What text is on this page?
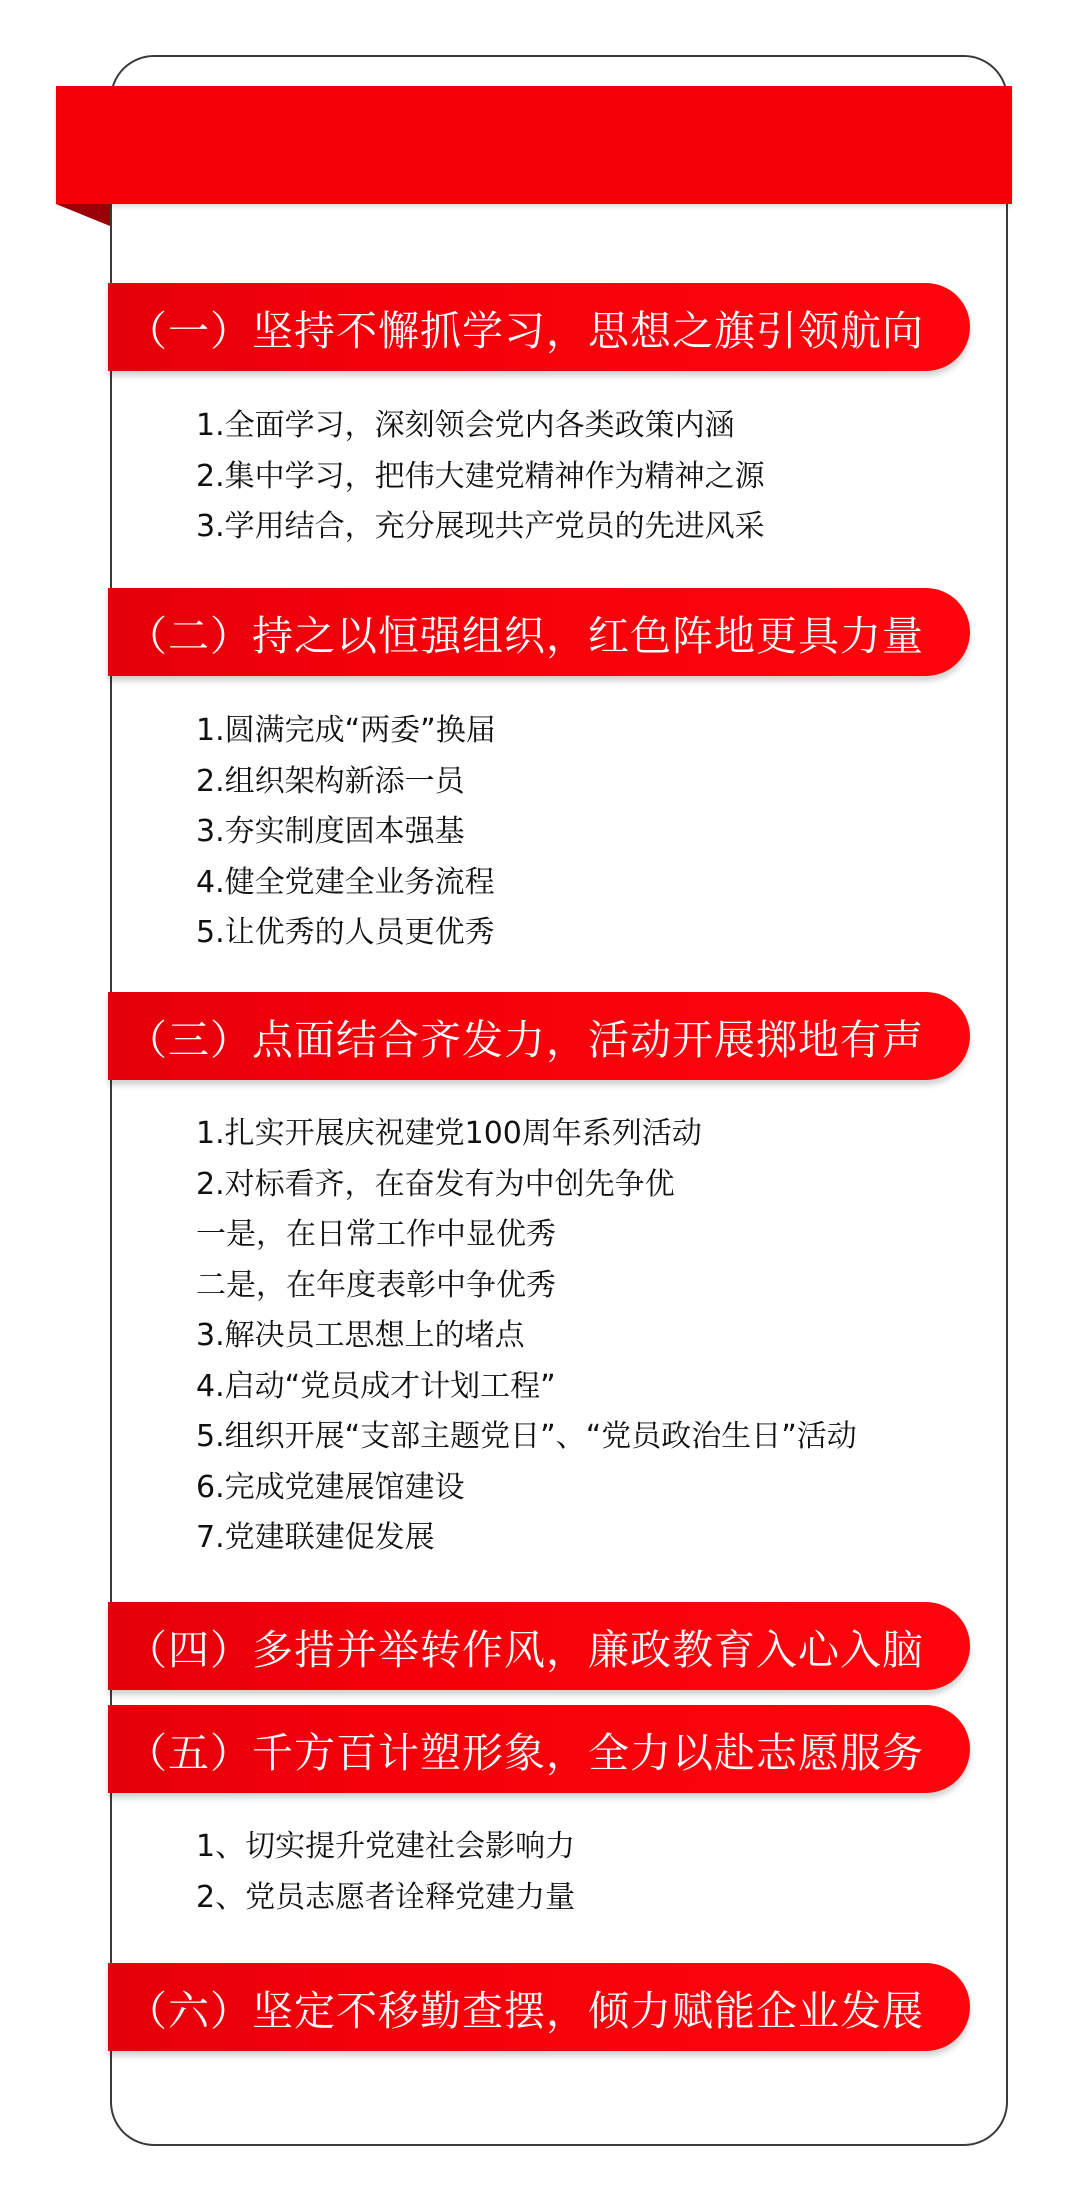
（一）坚持不懈抓学习，思想之旗引领航向
1.全面学习，深刻领会党内各类政策内涵
2.集中学习，把伟大建党精神作为精神之源
3.学用结合，充分展现共产党员的先进风采
（二）持之以恒强组织，红色阵地更具力量
1.圆满完成“两委”换届
2.组织架构新添一员
3.夯实制度固本强基
4.健全党建全业务流程
5.让优秀的人员更优秀
（三）点面结合齐发力，活动开展掷地有声
1.扎实开展庆祝建党100周年系列活动
2.对标看齐，在奋发有为中创先争优
一是，在日常工作中显优秀
二是，在年度表彰中争优秀
3.解决员工思想上的堵点
4.启动“党员成才计划工程”
5.组织开展“支部主题党日”、“党员政治生日”活动
6.完成党建展馆建设
7.党建联建促发展
（四）多措并举转作风，廉政教育入心入脑
（五）千方百计塑形象，全力以赴志愿服务
1、切实提升党建社会影响力
2、党员志愿者诠释党建力量
（六）坚定不移勤查摆，倾力赋能企业发展
